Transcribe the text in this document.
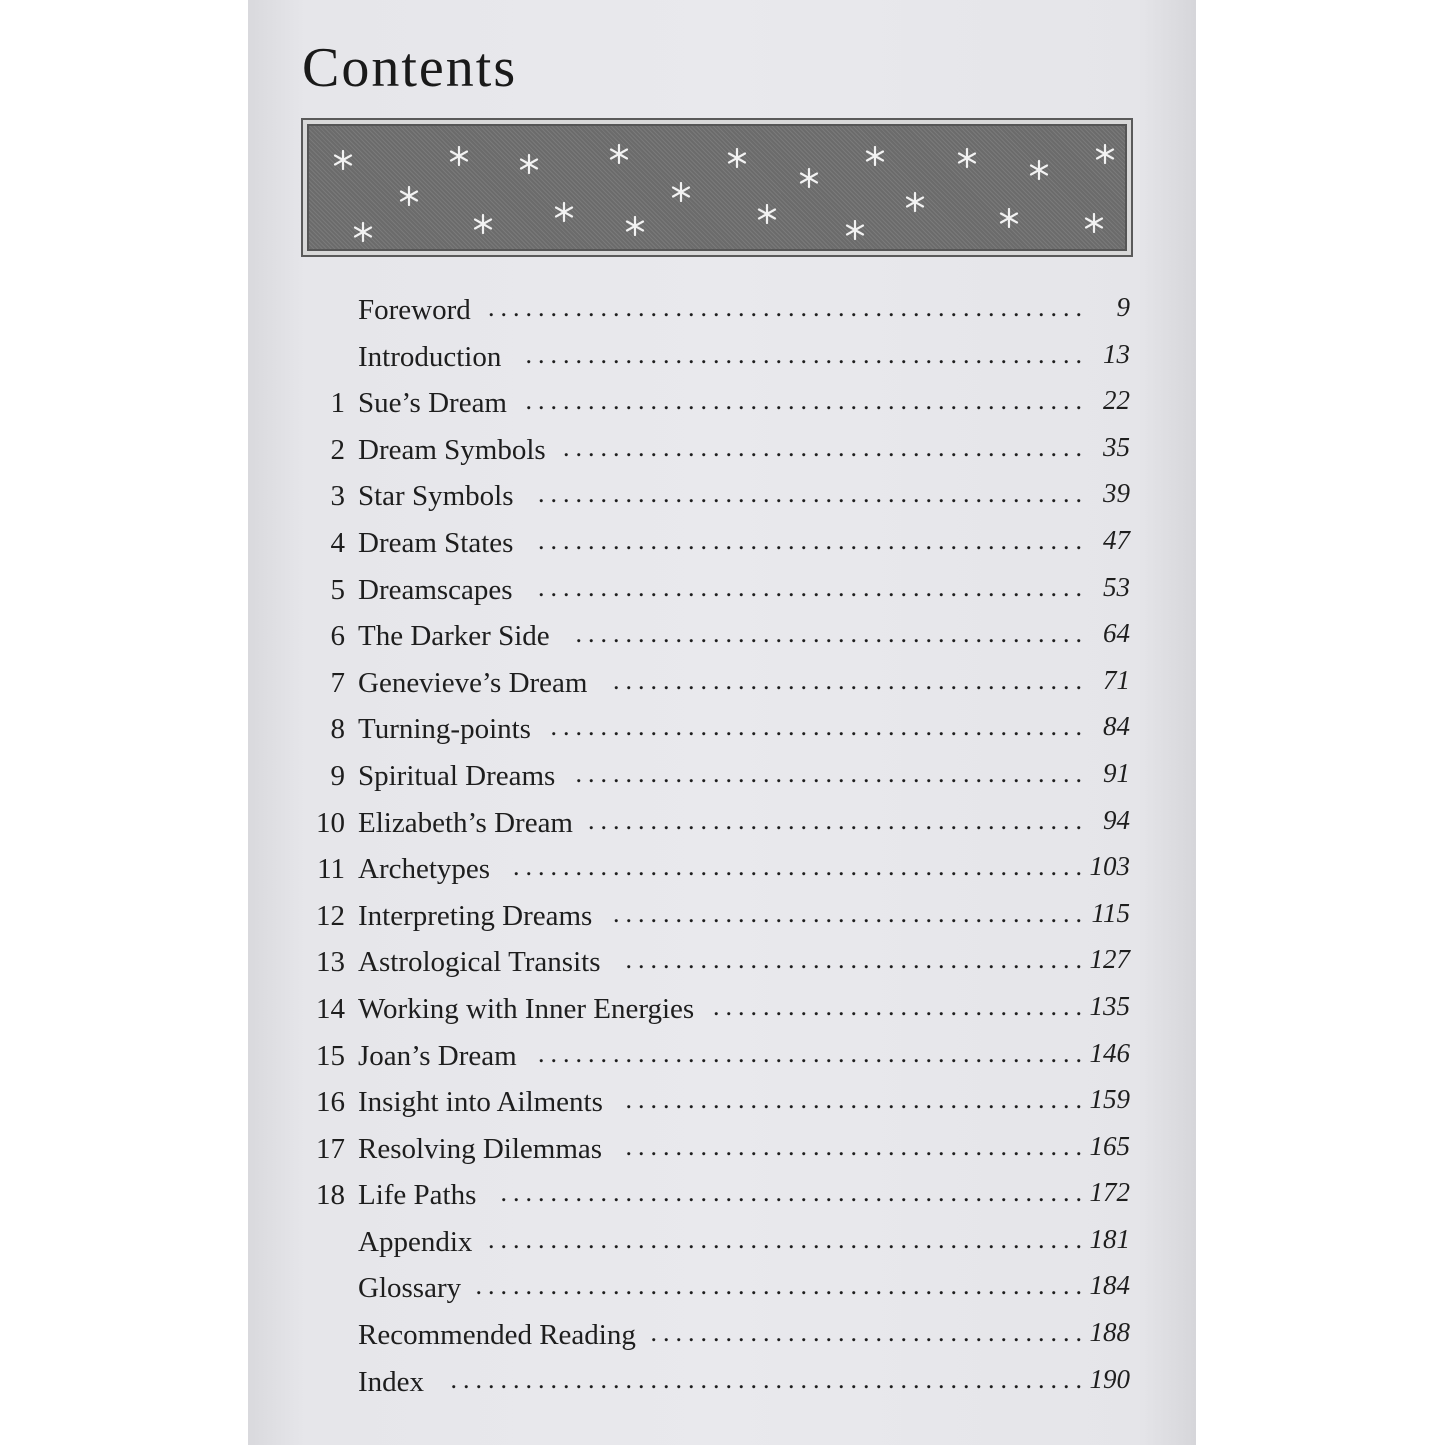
Contents
Foreword ................................................ 9
Introduction ............................................. 13
1 Sue’s Dream ............................................. 22
2 Dream Symbols .......................................... 35
3 Star Symbols ............................................ 39
4 Dream States ............................................ 47
5 Dreamscapes ............................................ 53
6 The Darker Side ......................................... 64
7 Genevieve’s Dream ...................................... 71
8 Turning-points ........................................... 84
9 Spiritual Dreams ......................................... 91
10 Elizabeth’s Dream ........................................ 94
11 Archetypes .............................................. 103
12 Interpreting Dreams ...................................... 115
13 Astrological Transits ..................................... 127
14 Working with Inner Energies .............................. 135
15 Joan’s Dream ............................................ 146
16 Insight into Ailments ..................................... 159
17 Resolving Dilemmas ..................................... 165
18 Life Paths ............................................... 172
Appendix ................................................ 181
Glossary ................................................. 184
Recommended Reading ................................... 188
Index	................................................... 190
